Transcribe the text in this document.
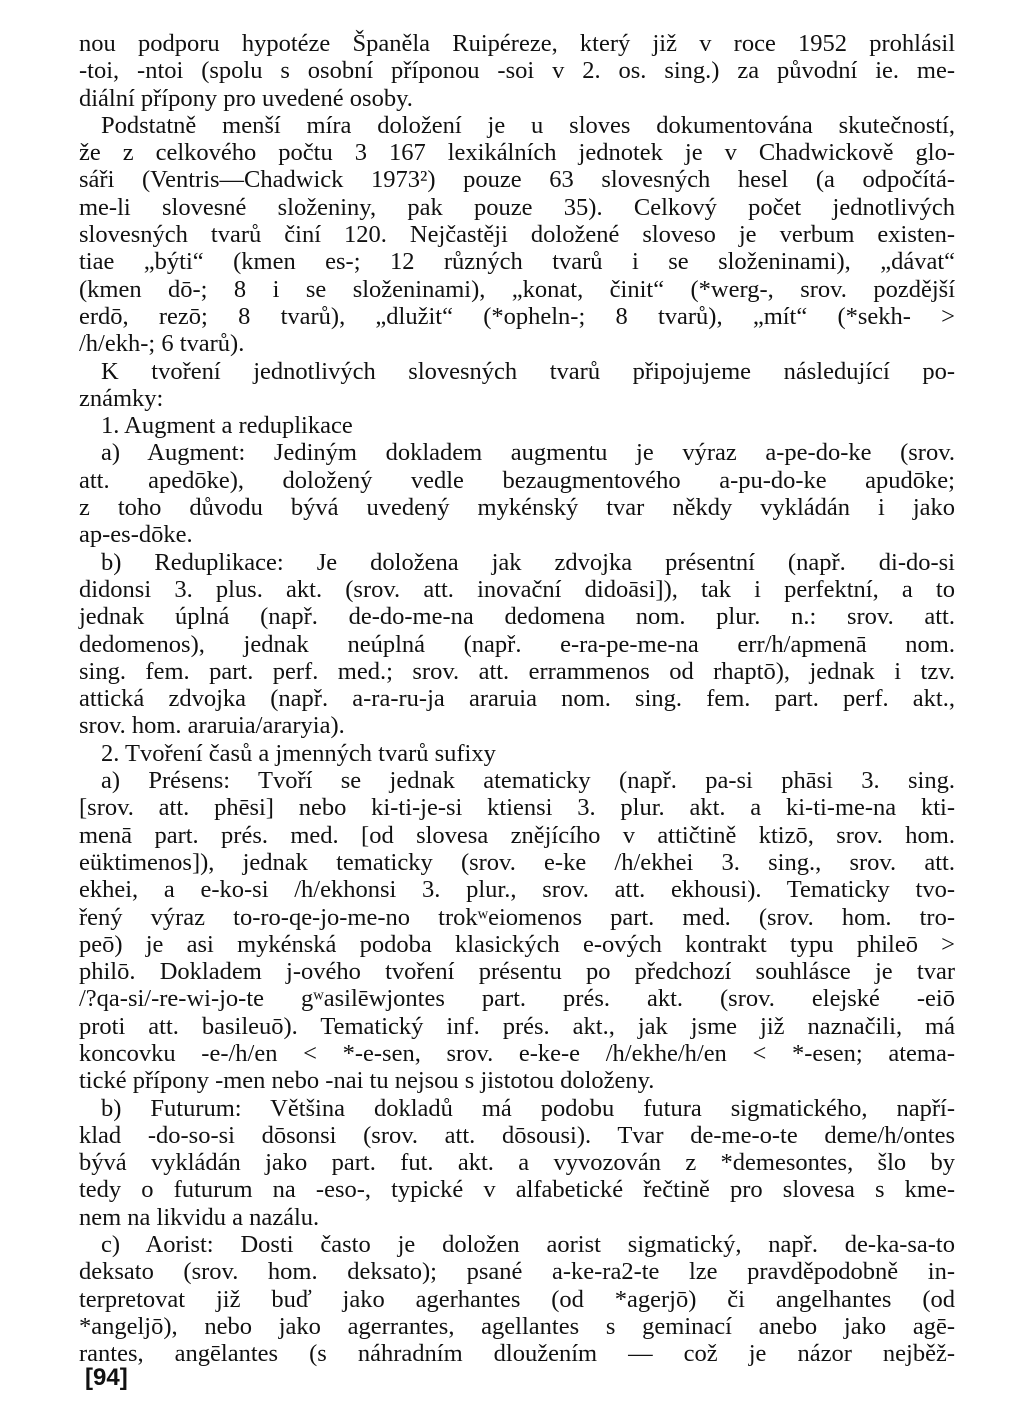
nou podporu hypotéze Španěla Ruipéreze, který již v roce 1952 prohlásil
-toi, -ntoi (spolu s osobní příponou -soi v 2. os. sing.) za původní ie. me-
diální přípony pro uvedené osoby.
Podstatně menší míra doložení je u sloves dokumentována skutečností,
že z celkového počtu 3 167 lexikálních jednotek je v Chadwickově glo-
sáři (Ventris—Chadwick 1973²) pouze 63 slovesných hesel (a odpočítá-
me-li slovesné složeniny, pak pouze 35). Celkový počet jednotlivých
slovesných tvarů činí 120. Nejčastěji doložené sloveso je verbum existen-
tiae „býti“ (kmen es-; 12 různých tvarů i se složeninami), „dávat“
(kmen dō-; 8 i se složeninami), „konat, činit“ (*werg-, srov. pozdější
erdō, rezō; 8 tvarů), „dlužit“ (*opheln-; 8 tvarů), „mít“ (*sekh- >
/h/ekh-; 6 tvarů).
K tvoření jednotlivých slovesných tvarů připojujeme následující po-
známky:
1. Augment a reduplikace
a) Augment: Jediným dokladem augmentu je výraz a-pe-do-ke (srov.
att. apedōke), doložený vedle bezaugmentového a-pu-do-ke apudōke;
z toho důvodu bývá uvedený mykénský tvar někdy vykládán i jako
ap-es-dōke.
b) Reduplikace: Je doložena jak zdvojka présentní (např. di-do-si
didonsi 3. plus. akt. (srov. att. inovační didoāsi]), tak i perfektní, a to
jednak úplná (např. de-do-me-na dedomena nom. plur. n.: srov. att.
dedomenos), jednak neúplná (např. e-ra-pe-me-na err/h/apmenā nom.
sing. fem. part. perf. med.; srov. att. errammenos od rhaptō), jednak i tzv.
attická zdvojka (např. a-ra-ru-ja araruia nom. sing. fem. part. perf. akt.,
srov. hom. araruia/araryia).
2. Tvoření časů a jmenných tvarů sufixy
a) Présens: Tvoří se jednak atematicky (např. pa-si phāsi 3. sing.
[srov. att. phēsi] nebo ki-ti-je-si ktiensi 3. plur. akt. a ki-ti-me-na kti-
menā part. prés. med. [od slovesa znějícího v attičtině ktizō, srov. hom.
eüktimenos]), jednak tematicky (srov. e-ke /h/ekhei 3. sing., srov. att.
ekhei, a e-ko-si /h/ekhonsi 3. plur., srov. att. ekhousi). Tematicky tvo-
řený výraz to-ro-qe-jo-me-no trokʷeiomenos part. med. (srov. hom. tro-
peō) je asi mykénská podoba klasických e-ových kontrakt typu phileō >
philō. Dokladem j-ového tvoření présentu po předchozí souhlásce je tvar
/?qa-si/-re-wi-jo-te gʷasilēwjontes part. prés. akt. (srov. elejské -eiō
proti att. basileuō). Tematický inf. prés. akt., jak jsme již naznačili, má
koncovku -e-/h/en < *-e-sen, srov. e-ke-e /h/ekhe/h/en < *-esen; atema-
tické přípony -men nebo -nai tu nejsou s jistotou doloženy.
b) Futurum: Většina dokladů má podobu futura sigmatického, napří-
klad -do-so-si dōsonsi (srov. att. dōsousi). Tvar de-me-o-te deme/h/ontes
bývá vykládán jako part. fut. akt. a vyvozován z *demesontes, šlo by
tedy o futurum na -eso-, typické v alfabetické řečtině pro slovesa s kme-
nem na likvidu a nazálu.
c) Aorist: Dosti často je doložen aorist sigmatický, např. de-ka-sa-to
deksato (srov. hom. deksato); psané a-ke-ra2-te lze pravděpodobně in-
terpretovat již buď jako agerhantes (od *agerjō) či angelhantes (od
*angeljō), nebo jako agerrantes, agellantes s geminací anebo jako agē-
rantes, angēlantes (s náhradním dloužením — což je názor nejběž-
[94]
